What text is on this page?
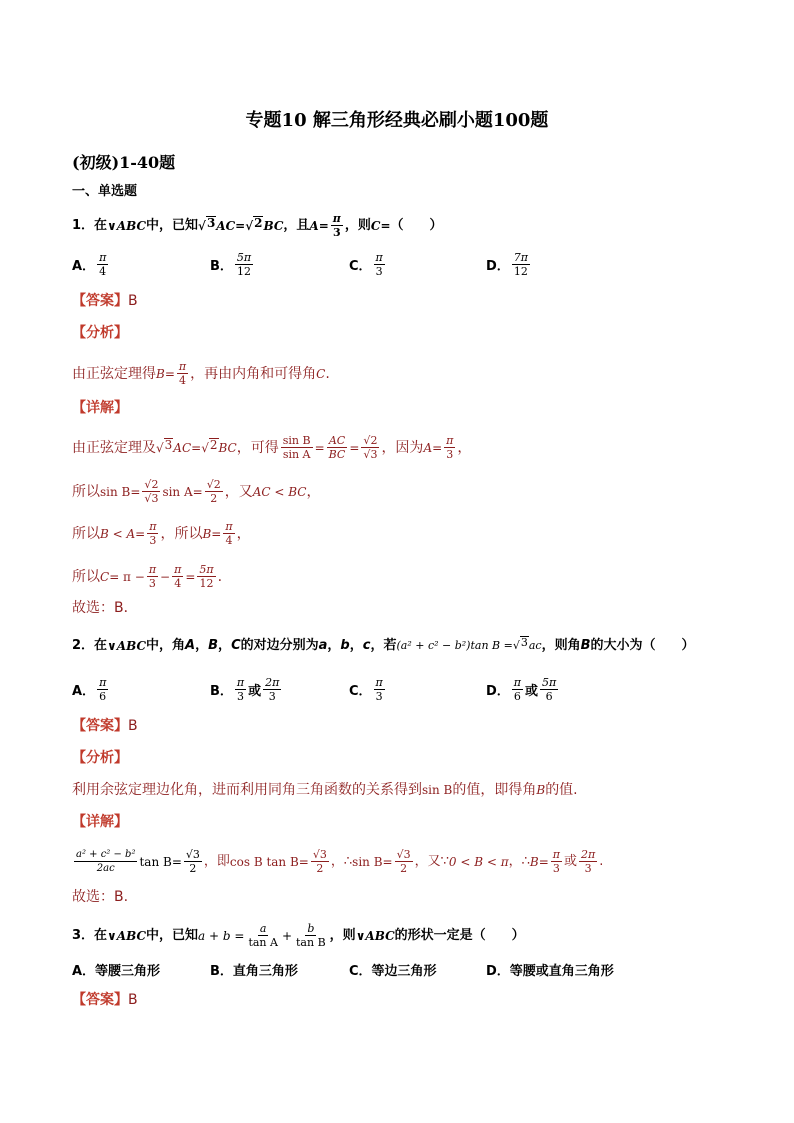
专题10 解三角形经典必刷小题100题
(初级)1-40题
一、单选题
1．在 ∨ABC 中，已知 √ 3 AC = √ 2 BC ，且 $A = \frac{\pi}{3}$ ，则 C = （　　）
A． $\frac{\pi}{4}$	B． $\frac{5\pi}{12}$	C． $\frac{\pi}{3}$	D． $\frac{7\pi}{12}$
【答案】 B
【分析】
由正弦定理得 $B = \frac{\pi}{4}$ ，再由内角和可得角 C .
【详解】
由正弦定理及 √ 3 AC = √ 2 BC ，可得 $\frac{\text{sin B}}{\text{sin A}} = \frac{AC}{BC} = \frac{√2}{√3}$ ，因为 $A = \frac{\pi}{3}$ ，
所以 $\sin B = \frac{√2}{√3}$ $\sin A = \frac{√2}{2}$ ，又 AC < BC ，
所以 $B < A = \frac{\pi}{3}$ ，所以 $B = \frac{\pi}{4}$ ，
所以 $C = \pi - \frac{\pi}{3} - \frac{\pi}{4} = \frac{5\pi}{12}$ .
故选：B．
2．在 ∨ABC 中，角 A ， B ， C 的对边分别为 a ， b ， c ，若 (a² + c² − b²)tan B = √ 3 ac ，则角 B 的大小为（　　）
A． $\frac{\pi}{6}$	B． $\frac{\pi}{3}$ 或 $\frac{2\pi}{3}$	C． $\frac{\pi}{3}$	D． $\frac{\pi}{6}$ 或 $\frac{5\pi}{6}$
【答案】 B
【分析】
利用余弦定理边化角，进而利用同角三角函数的关系得到 sin B 的值，即得角 B 的值.
【详解】
$\frac{\text{a² + c² − b²}}{2ac}$ $\tan B = \frac{√3}{2}$ ，即 cos B $\tan B = \frac{√3}{2}$ ，∴ $\sin B = \frac{√3}{2}$ ，又∵ 0 < B < π ，∴ $B = \frac{\pi}{3}$ 或 $\frac{2\pi}{3}$ .
故选：B.
3．在 ∨ABC 中，已知 $a + b = \frac{a}{\text{tan A}} + \frac{b}{\text{tan B}}$ ，则 ∨ABC 的形状一定是（　　）
A．等腰三角形	B．直角三角形	C．等边三角形	D．等腰或直角三角形
【答案】 B
